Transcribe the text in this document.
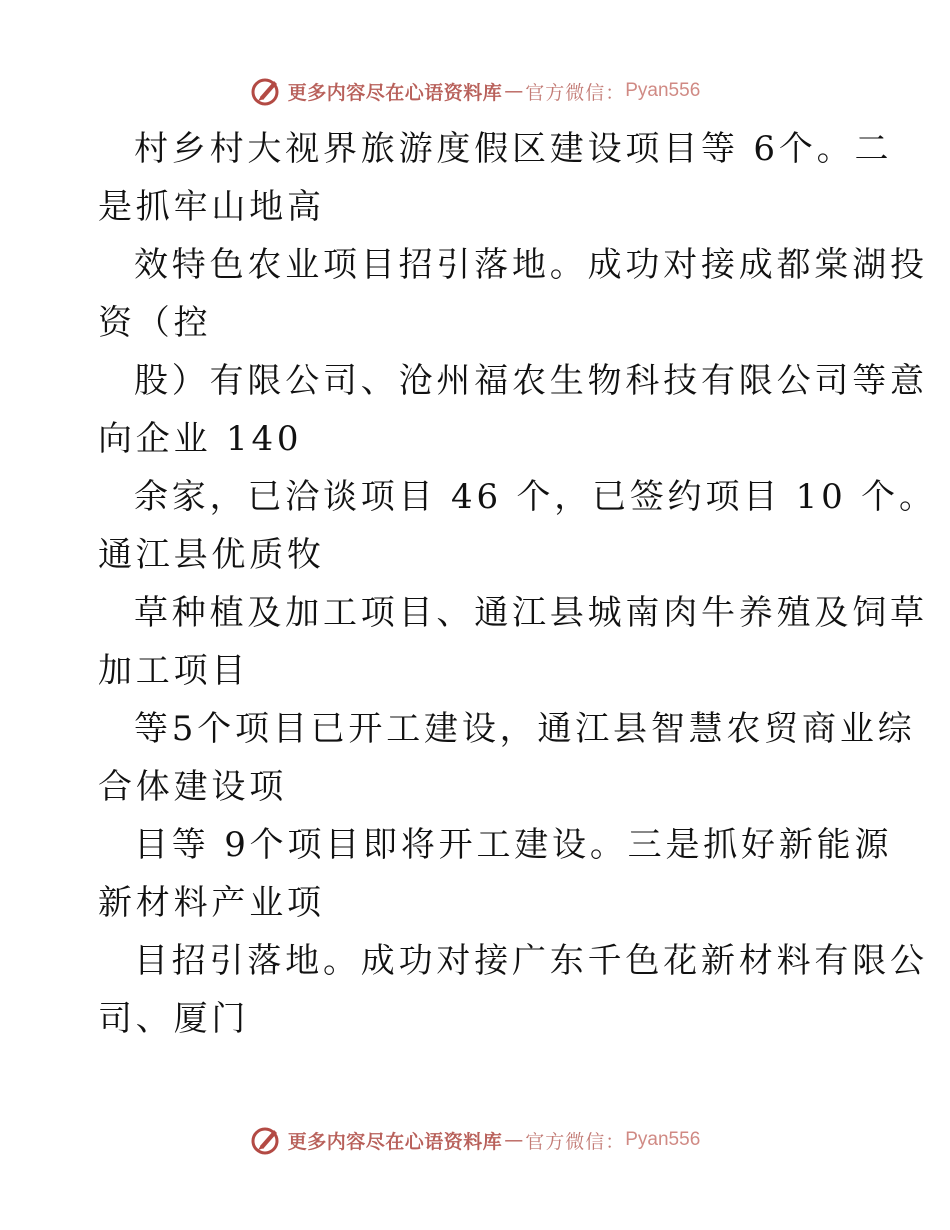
更多内容尽在心语资料库 — 官方微信： Pyan556
村乡村大视界旅游度假区建设项目等 6个。二
是抓牢山地高
效特色农业项目招引落地。成功对接成都棠湖投
资（控
股）有限公司、沧州福农生物科技有限公司等意
向企业 140
余家，已洽谈项目 46 个，已签约项目 10 个。
通江县优质牧
草种植及加工项目、通江县城南肉牛养殖及饲草
加工项目
等5个项目已开工建设，通江县智慧农贸商业综
合体建设项
目等 9个项目即将开工建设。三是抓好新能源
新材料产业项
目招引落地。成功对接广东千色花新材料有限公
司、厦门
更多内容尽在心语资料库 — 官方微信： Pyan556
